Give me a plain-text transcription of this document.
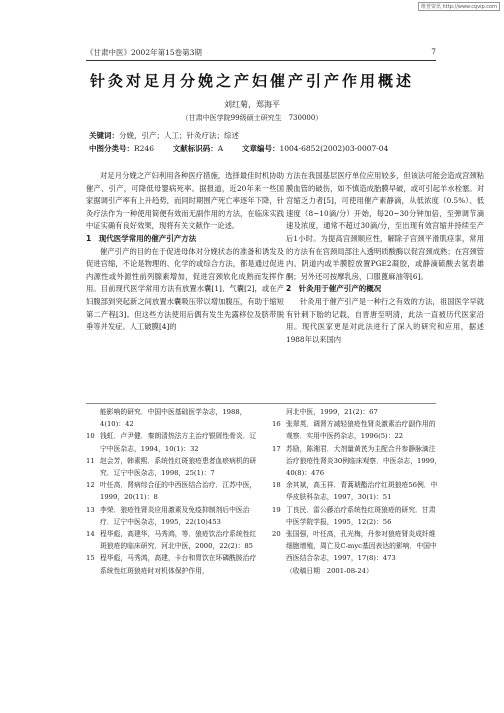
维普资讯 http://www.cqvip.com
《甘肃中医》2002年第15卷第3期	7
针灸对足月分娩之产妇催产引产作用概述
刘红菊，郑海平
（甘肃中医学院99级硕士研究生　730000）
关键词：分娩，引产；人工；针灸疗法；综述
中图分类号：R246	文献标识码：A	文章编号：1004-6852(2002)03-0007-04

对足月分娩之产妇利用各种医疗措施，选择最佳时机协助催产、引产，可降低母婴病死率。据报道，近20年来一些国家据调引产率有上升趋势，而同时期围产死亡率逐年下降，针灸疗法作为一种使用简便有效而无副作用的方法，在临床实践中证实确有良好效果，现将有关文献作一论述。

1　现代医学常用的催产引产方法

催产引产的目的在于促进母体对分娩状态的准备和诱发及促进宫缩，不论是物理的、化学的或综合方法，都是通过促进内源性或外源性前列腺素增加，促进宫颈软化成熟而发挥作用。目前现代医学常用方法有放置水囊[1]、气囊[2]，或在产妇腹部到突起新之间放置水囊吸压带以增加腹压，有助于缩短第二产程[3]。但这些方法使用后偶有发生先露移位及脐带脱垂等并发症。人工破膜[4]的

方法在我国基层医疗单位应用较多，但该法可能会造成宫颈粘膜血管的破伤，如不慎造成胎膜早破，或可引起羊水栓塞。对宫缩乏力者[5]，可使用催产素静滴，从低浓度（0.5%）、低速度（8~10滴/分）开始，每20~30分钟加倍，至弹调节滴速及浓度，通常不超过30滴/分，至出现有效宫缩并持续至产后1小时。为提高宫颈顺应性，解除子宫颈平滑肌痉挛，常用的方法有在宫颈局部注入透明质酸酶以促宫颈成熟；在宫颈管内、阴道内或羊膜腔放置PGE2凝胶，或静滴硫酸去氢表雄酮；另外还可按摩乳房，口服蓖麻油等[6]。

2　针灸用于催产引产的概况

针灸用于催产引产是一种行之有效的方法，祖国医学早就有针刺下胎的记载，自晋唐至明清，此法一直被历代医家沿用。现代医家更是对此法进行了深入的研究和应用，据述1988年以来国内

能影响的研究．中国中医基础医学杂志，1988，4(10)：42
10 钱虹．卢尹健．秦朗清热法方主治疗银屑性骨炎．辽宁中医杂志，1994，10(1)：32
11 赵会芳，韩素熙．系统性红斑狼疮患者血瘀病机的研究．辽宁中医杂志，1998，25(1)：7
12 叶任高．肾病综合征的中西医结合治疗．江苏中医，1999，20(11)：8
13 李荣．狼疮性肾炎应用激素及免疫抑制剂后中医治疗．辽宁中医杂志，1995，22(10)453
14 程华彪，高建华，马秀鸿，等．狼疮饮治疗系统性红斑狼疮的临床研究．河北中医，2000，22(2)：85
15 程华彪，马秀鸿，高建，卡台和胃饮在环磷酰胺治疗系统性红斑狼疮时对机体保护作用，
河北中医，1999，21(2)：67
16 张翠英．调肾方减轻狼疮性肾炎激素治疗副作用的观察．实用中医药杂志，1996(5)：22
17 苏励，陈湘君．大剂量黄芪为主配合升参静脉滴注治疗狼疮性肾炎30例临床观察．中医杂志，1999，40(8)：476
18 余其斌，高玉祥．青蒿琥酯治疗红斑狼疮56例．中华皮肤科杂志，1997，30(1)：51
19 丁良民．雷公藤治疗系统性红斑狼疮的研究．甘肃中医学院学报，1995，12(2)：56
20 张国强，叶任高，孔光梅，丹参对狼疮肾炎成纤维细胞增殖，周亡及C-myc基因表达的影响．中国中西医结合杂志，1997，17(8)：473
（收稿日期　2001-08-24）
